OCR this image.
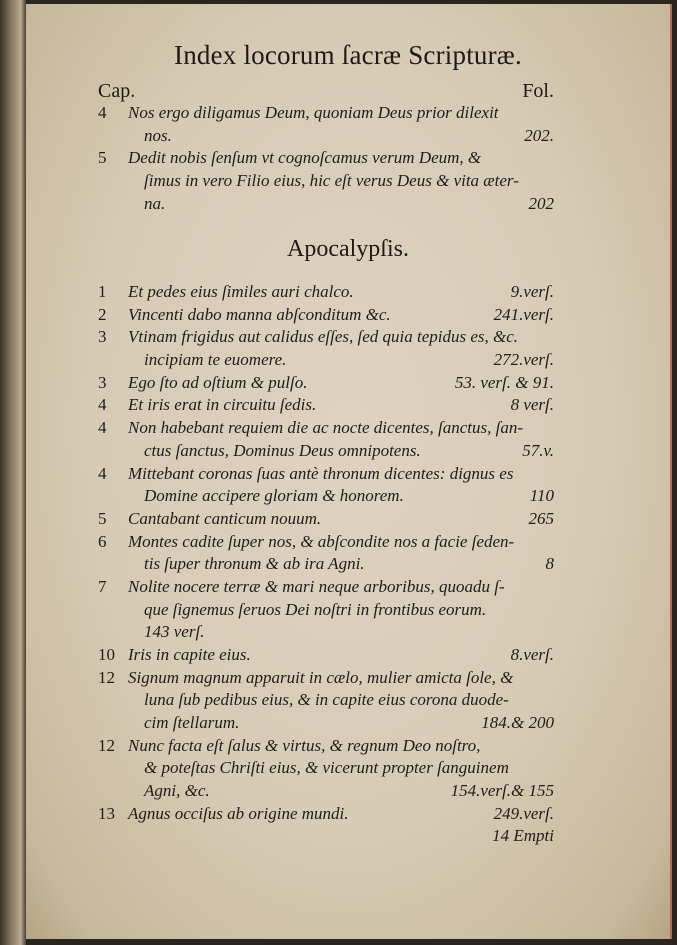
Index locorum ſacræ Scripturæ.
Cap.	Fol.
4	Nos ergo diligamus Deum, quoniam Deus prior dilexit
nos.	202.
5	Dedit nobis ſenſum vt cognoſcamus verum Deum, &
ſimus in vero Filio eius, hic eſt verus Deus & vita æter-
na.	202
Apocalypſis.
1	Et pedes eius ſimiles auri chalco.	9.verſ.
2	Vincenti dabo manna abſconditum &c.	241.verſ.
3	Vtinam frigidus aut calidus eſſes, ſed quia tepidus es, &c.
incipiam te euomere.	272.verſ.
3	Ego ſto ad oſtium & pulſo.	53. verſ. & 91.
4	Et iris erat in circuitu ſedis.	8 verſ.
4	Non habebant requiem die ac nocte dicentes, ſanctus, ſan-
ctus ſanctus, Dominus Deus omnipotens.	57.v.
4	Mittebant coronas ſuas antè thronum dicentes: dignus es
Domine accipere gloriam & honorem.	110
5	Cantabant canticum nouum.	265
6	Montes cadite ſuper nos, & abſcondite nos a facie ſeden-
tis ſuper thronum & ab ira Agni.	8
7	Nolite nocere terræ & mari neque arboribus, quoadu ſ-
que ſignemus ſeruos Dei noſtri in frontibus eorum.
143 verſ.
10 Iris in capite eius.	8.verſ.
12 Signum magnum apparuit in cælo, mulier amicta ſole, &
luna ſub pedibus eius, & in capite eius corona duode-
cim ſtellarum.	184.& 200
12 Nunc facta eſt ſalus & virtus, & regnum Deo noſtro,
& poteſtas Chriſti eius, & vicerunt propter ſanguinem
Agni, &c.	154.verſ.& 155
13 Agnus occiſus ab origine mundi.	249.verſ.
14 Empti
